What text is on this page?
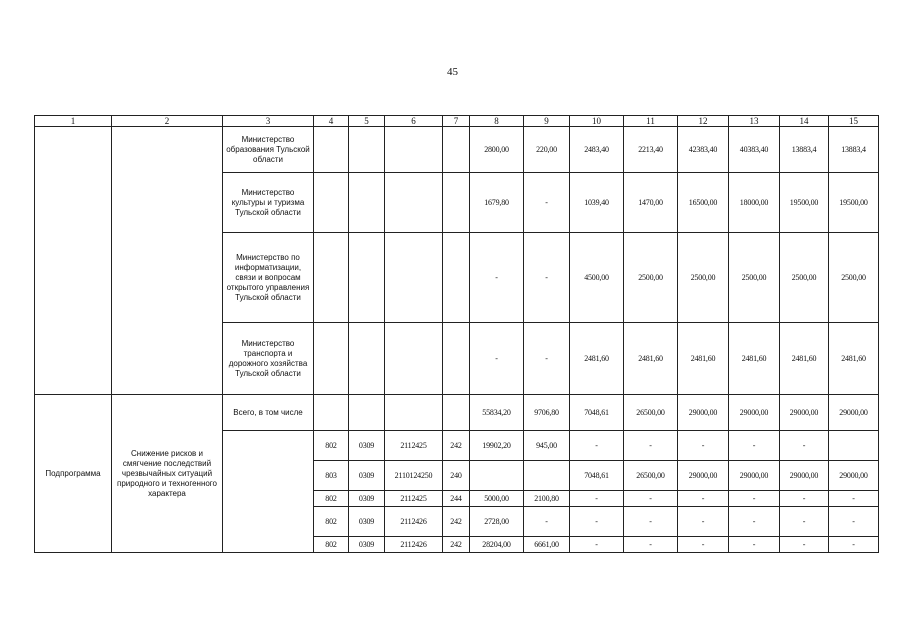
45
1	2	3	4	5	6	7	8	9	10	11	12	13	14	15
		Министерство образования Тульской области					2800,00	220,00	2483,40	2213,40	42383,40	40383,40	13883,4	13883,4
		Министерство культуры и туризма Тульской области					1679,80	-	1039,40	1470,00	16500,00	18000,00	19500,00	19500,00
		Министерство по информатизации, связи и вопросам открытого управления Тульской области					-	-	4500,00	2500,00	2500,00	2500,00	2500,00	2500,00
		Министерство транспорта и дорожного хозяйства Тульской области					-	-	2481,60	2481,60	2481,60	2481,60	2481,60	2481,60
Подпрограмма	Снижение рисков и смягчение последствий чрезвычайных ситуаций природного и техногенного характера	Всего, в том числе					55834,20	9706,80	7048,61	26500,00	29000,00	29000,00	29000,00	29000,00
			802	0309	2112425	242	19902,20	945,00	-	-	-	-	-	
			803	0309	2110124250	240			7048,61	26500,00	29000,00	29000,00	29000,00	29000,00
			802	0309	2112425	244	5000,00	2100,80	-	-	-	-	-	-
			802	0309	2112426	242	2728,00	-	-	-	-	-	-	-
			802	0309	2112426	242	28204,00	6661,00	-	-	-	-	-	-
